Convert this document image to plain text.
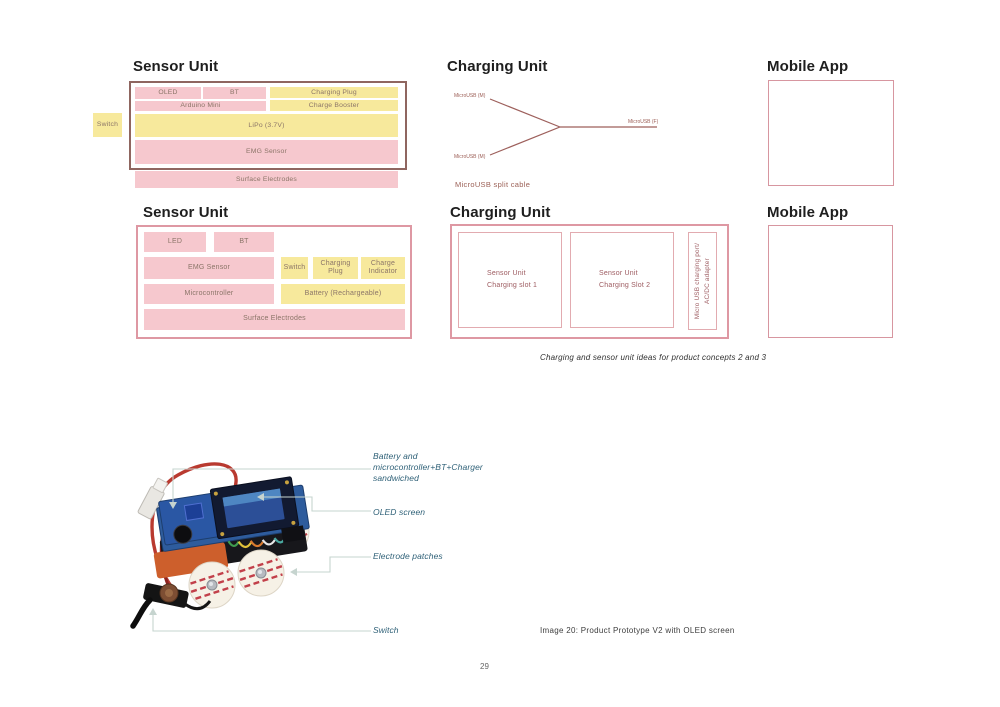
Sensor Unit
Switch
OLED	BT	Charging Plug
Arduino Mini	Charge Booster
LiPo (3.7V)
EMG Sensor
Surface Electrodes
Charging Unit
MicroUSB (M)
MicroUSB (M)
MicroUSB (F)
MicroUSB split cable
Mobile App
Sensor Unit
LED	BT
EMG Sensor	Switch
Charging Plug
Charge Indicator
Microcontroller	Battery (Rechargeable)
Surface Electrodes
Charging Unit
Sensor Unit
Charging slot 1
Sensor Unit
Charging Slot 2	Micro USB charging port/ AC/DC adapter
Mobile App
Charging and sensor unit ideas for product concepts 2 and 3
Battery and microcontroller+BT+Charger sandwiched
OLED screen
Electrode patches
Switch	Image 20: Product Prototype V2 with OLED screen
29
